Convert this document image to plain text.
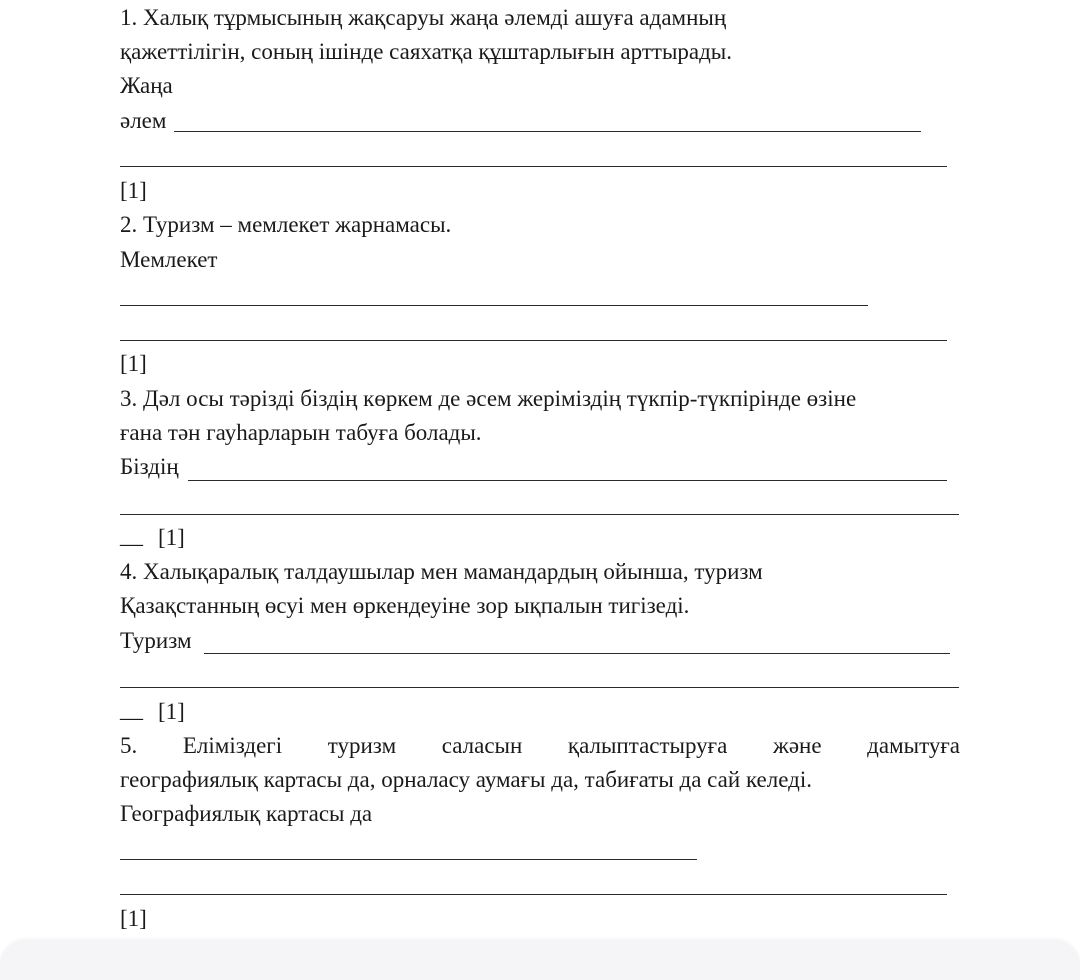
1. Халық тұрмысының жақсаруы жаңа әлемді ашуға адамның
қажеттілігін, соның ішінде саяхатқа құштарлығын арттырады.
Жаңа
әлем
[1]
2. Туризм – мемлекет жарнамасы.
Мемлекет
[1]
3. Дәл осы тәрізді біздің көркем де әсем жеріміздің түкпір-түкпірінде өзіне
ғана тән гауһарларын табуға болады.
Біздің
__ [1]
4. Халықаралық талдаушылар мен мамандардың ойынша, туризм
Қазақстанның өсуі мен өркендеуіне зор ықпалын тигізеді.
Туризм
__ [1]
5. Еліміздегі туризм саласын қалыптастыруға және дамытуға
географиялық картасы да, орналасу аумағы да, табиғаты да сай келеді.
Географиялық картасы да
[1]
